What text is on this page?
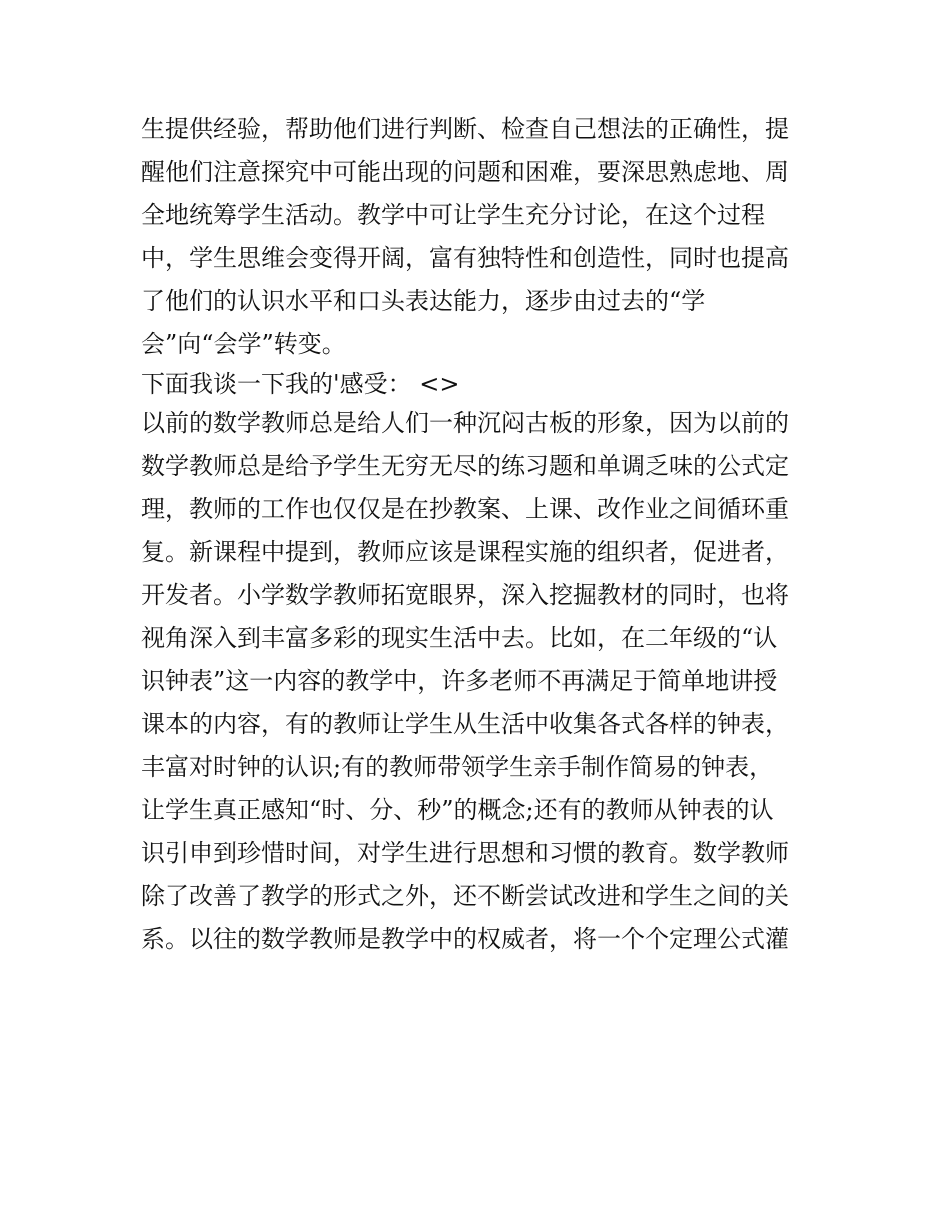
生提供经验，帮助他们进行判断、检查自己想法的正确性，提

醒他们注意探究中可能出现的问题和困难，要深思熟虑地、周

全地统筹学生活动。教学中可让学生充分讨论，在这个过程

中，学生思维会变得开阔，富有独特性和创造性，同时也提高

了他们的认识水平和口头表达能力，逐步由过去的“学

会”向“会学”转变。

下面我谈一下我的'感受： <>

以前的数学教师总是给人们一种沉闷古板的形象，因为以前的

数学教师总是给予学生无穷无尽的练习题和单调乏味的公式定

理，教师的工作也仅仅是在抄教案、上课、改作业之间循环重

复。新课程中提到，教师应该是课程实施的组织者，促进者，

开发者。小学数学教师拓宽眼界，深入挖掘教材的同时，也将

视角深入到丰富多彩的现实生活中去。比如，在二年级的“认

识钟表”这一内容的教学中，许多老师不再满足于简单地讲授

课本的内容，有的教师让学生从生活中收集各式各样的钟表，

丰富对时钟的认识;有的教师带领学生亲手制作简易的钟表，

让学生真正感知“时、分、秒”的概念;还有的教师从钟表的认

识引申到珍惜时间，对学生进行思想和习惯的教育。数学教师

除了改善了教学的形式之外，还不断尝试改进和学生之间的关

系。以往的数学教师是教学中的权威者，将一个个定理公式灌
